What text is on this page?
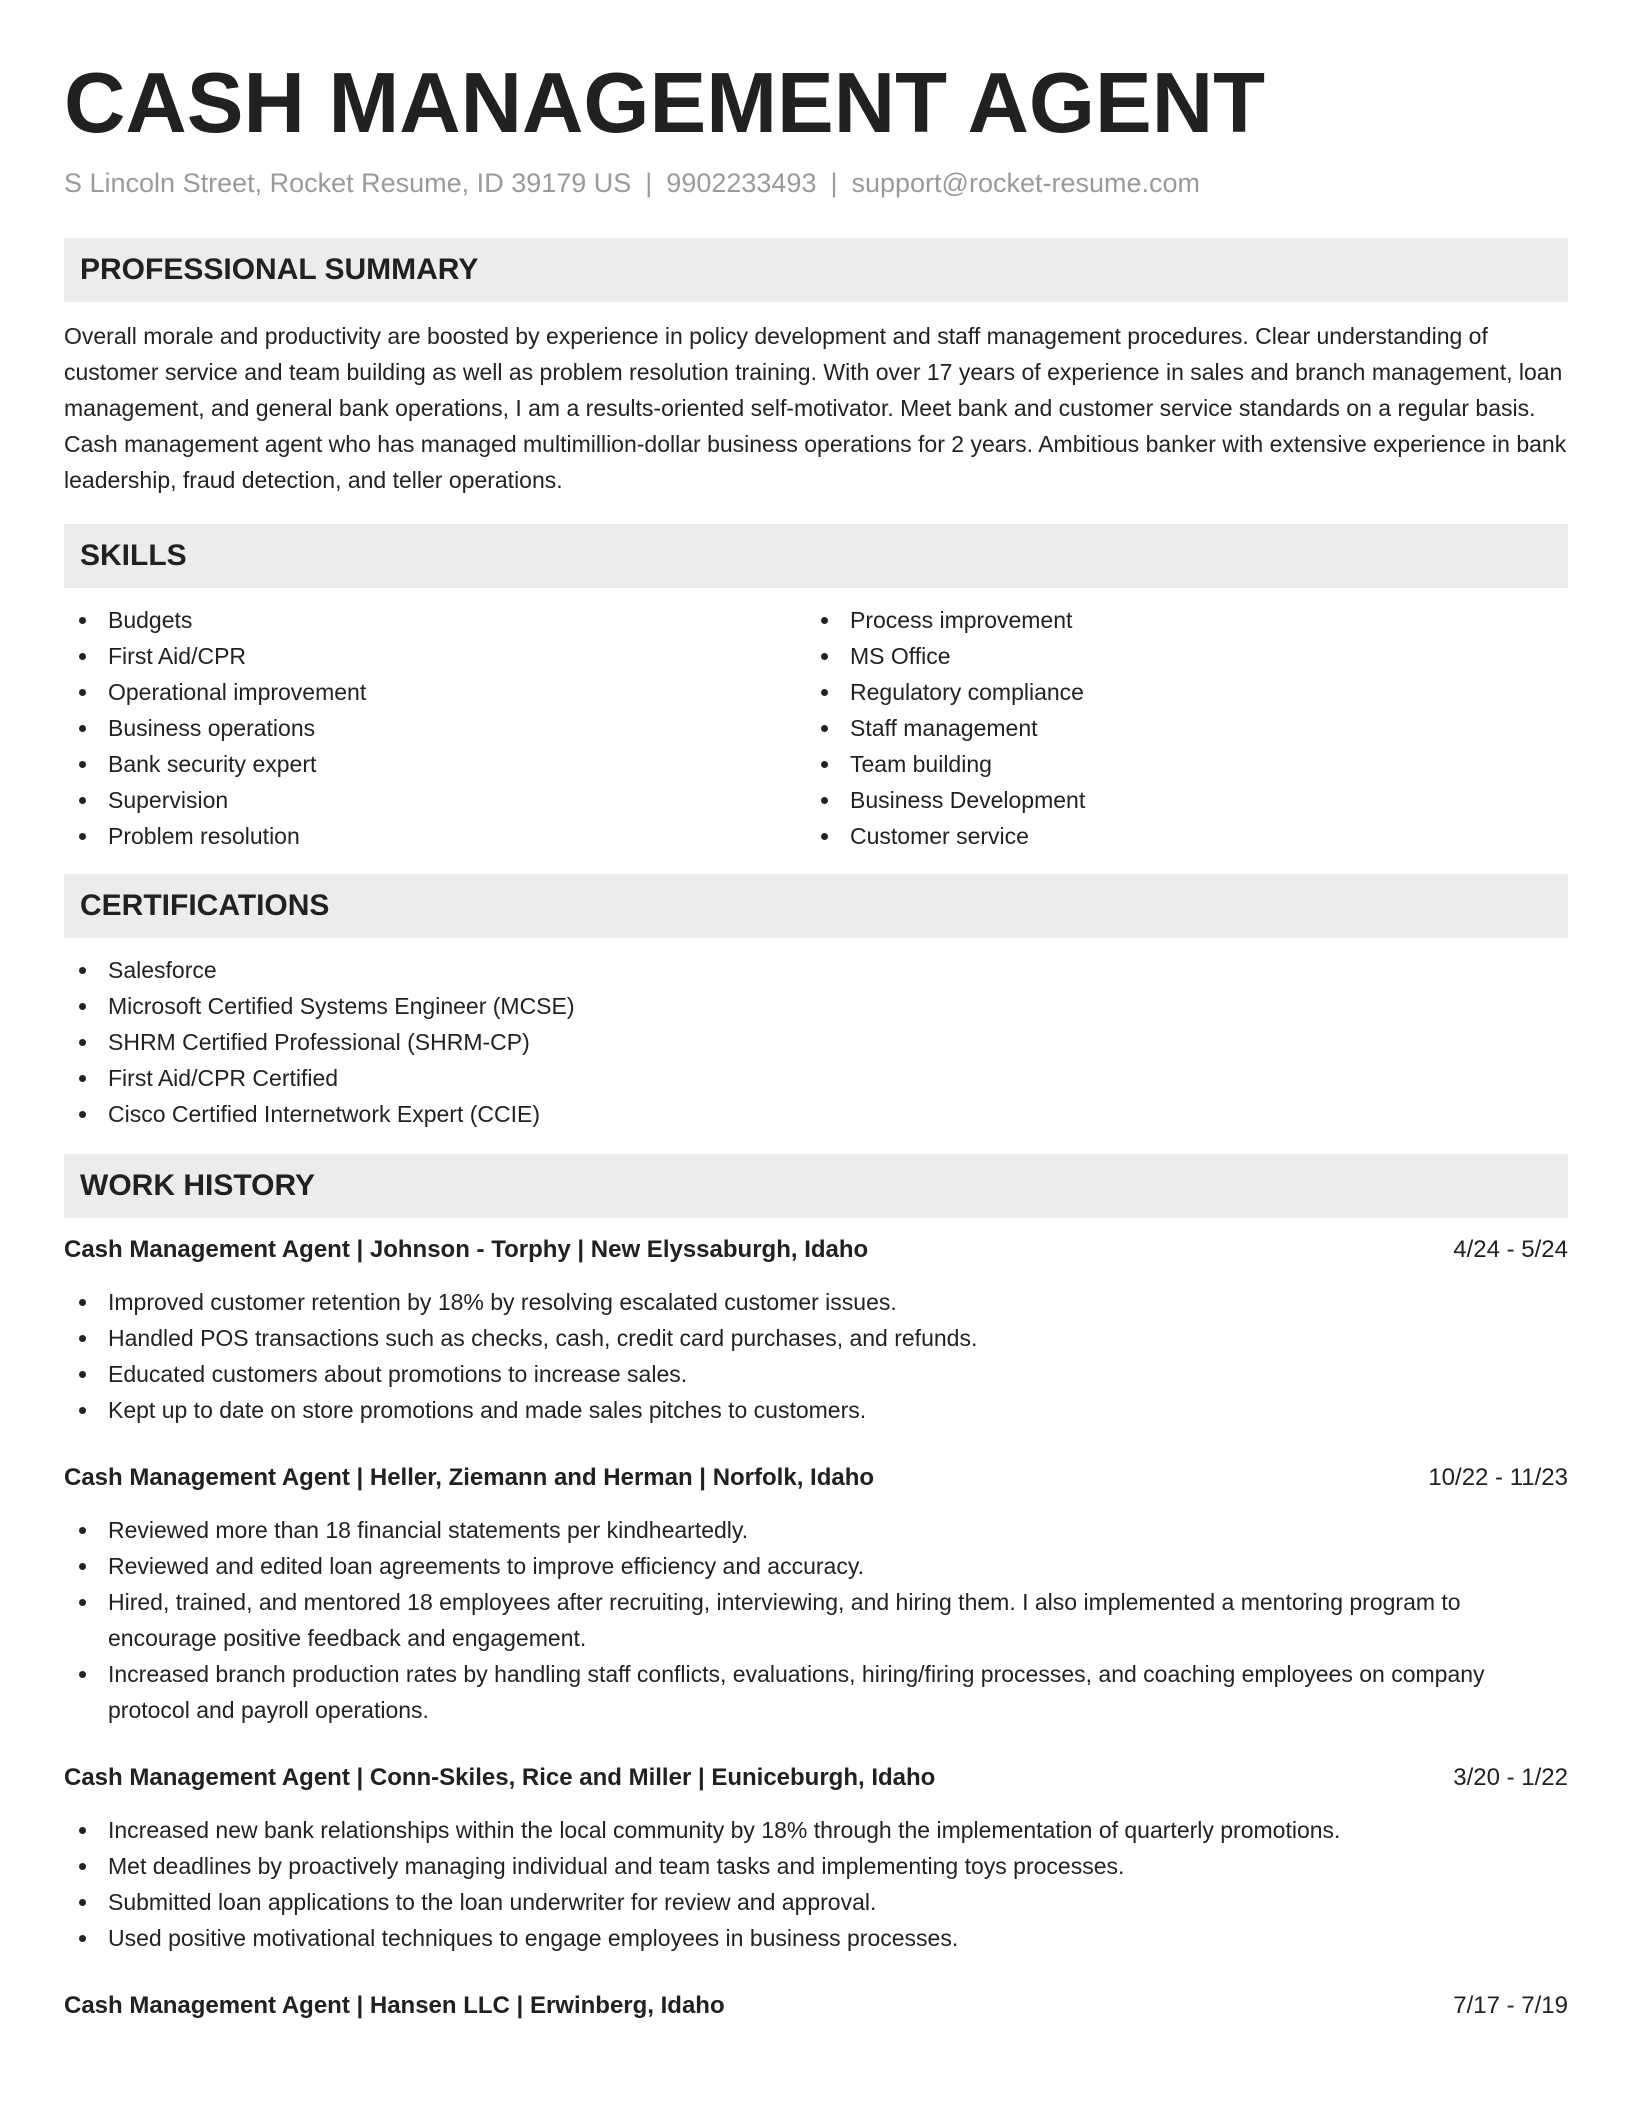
CASH MANAGEMENT AGENT
S Lincoln Street, Rocket Resume, ID 39179 US | 9902233493 | support@rocket-resume.com
PROFESSIONAL SUMMARY

Overall morale and productivity are boosted by experience in policy development and staff management procedures. Clear understanding of customer service and team building as well as problem resolution training. With over 17 years of experience in sales and branch management, loan management, and general bank operations, I am a results-oriented self-motivator. Meet bank and customer service standards on a regular basis. Cash management agent who has managed multimillion-dollar business operations for 2 years. Ambitious banker with extensive experience in bank leadership, fraud detection, and teller operations.

SKILLS
Budgets
First Aid/CPR
Operational improvement
Business operations
Bank security expert
Supervision
Problem resolution
Process improvement
MS Office
Regulatory compliance
Staff management
Team building
Business Development
Customer service
CERTIFICATIONS
Salesforce
Microsoft Certified Systems Engineer (MCSE)
SHRM Certified Professional (SHRM-CP)
First Aid/CPR Certified
Cisco Certified Internetwork Expert (CCIE)
WORK HISTORY
Cash Management Agent | Johnson - Torphy | New Elyssaburgh, Idaho	4/24 - 5/24
Improved customer retention by 18% by resolving escalated customer issues.
Handled POS transactions such as checks, cash, credit card purchases, and refunds.
Educated customers about promotions to increase sales.
Kept up to date on store promotions and made sales pitches to customers.
Cash Management Agent | Heller, Ziemann and Herman | Norfolk, Idaho	10/22 - 11/23
Reviewed more than 18 financial statements per kindheartedly.
Reviewed and edited loan agreements to improve efficiency and accuracy.
Hired, trained, and mentored 18 employees after recruiting, interviewing, and hiring them. I also implemented a mentoring program to encourage positive feedback and engagement.
Increased branch production rates by handling staff conflicts, evaluations, hiring/firing processes, and coaching employees on company protocol and payroll operations.
Cash Management Agent | Conn-Skiles, Rice and Miller | Euniceburgh, Idaho	3/20 - 1/22
Increased new bank relationships within the local community by 18% through the implementation of quarterly promotions.
Met deadlines by proactively managing individual and team tasks and implementing toys processes.
Submitted loan applications to the loan underwriter for review and approval.
Used positive motivational techniques to engage employees in business processes.
Cash Management Agent | Hansen LLC | Erwinberg, Idaho	7/17 - 7/19
